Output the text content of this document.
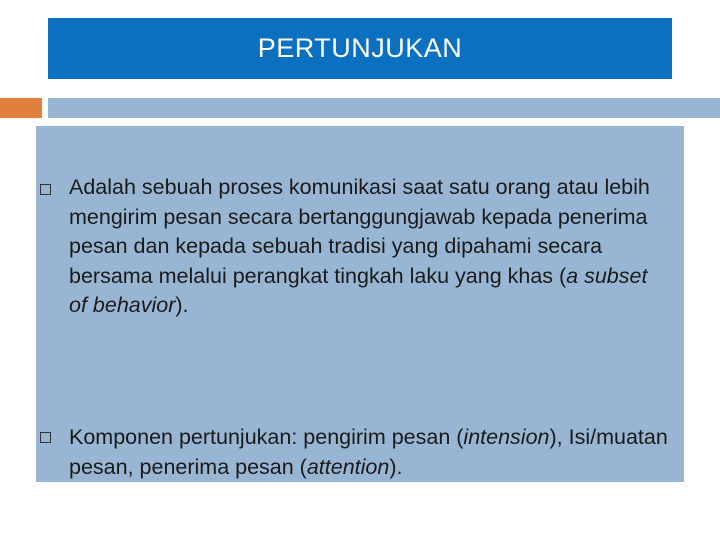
PERTUNJUKAN
Adalah sebuah proses komunikasi saat satu orang atau lebih mengirim pesan secara bertanggungjawab kepada penerima pesan dan kepada sebuah tradisi yang dipahami secara bersama melalui perangkat tingkah laku yang khas (a subset of behavior).
Komponen pertunjukan: pengirim pesan (intension), Isi/muatan pesan, penerima pesan (attention).
